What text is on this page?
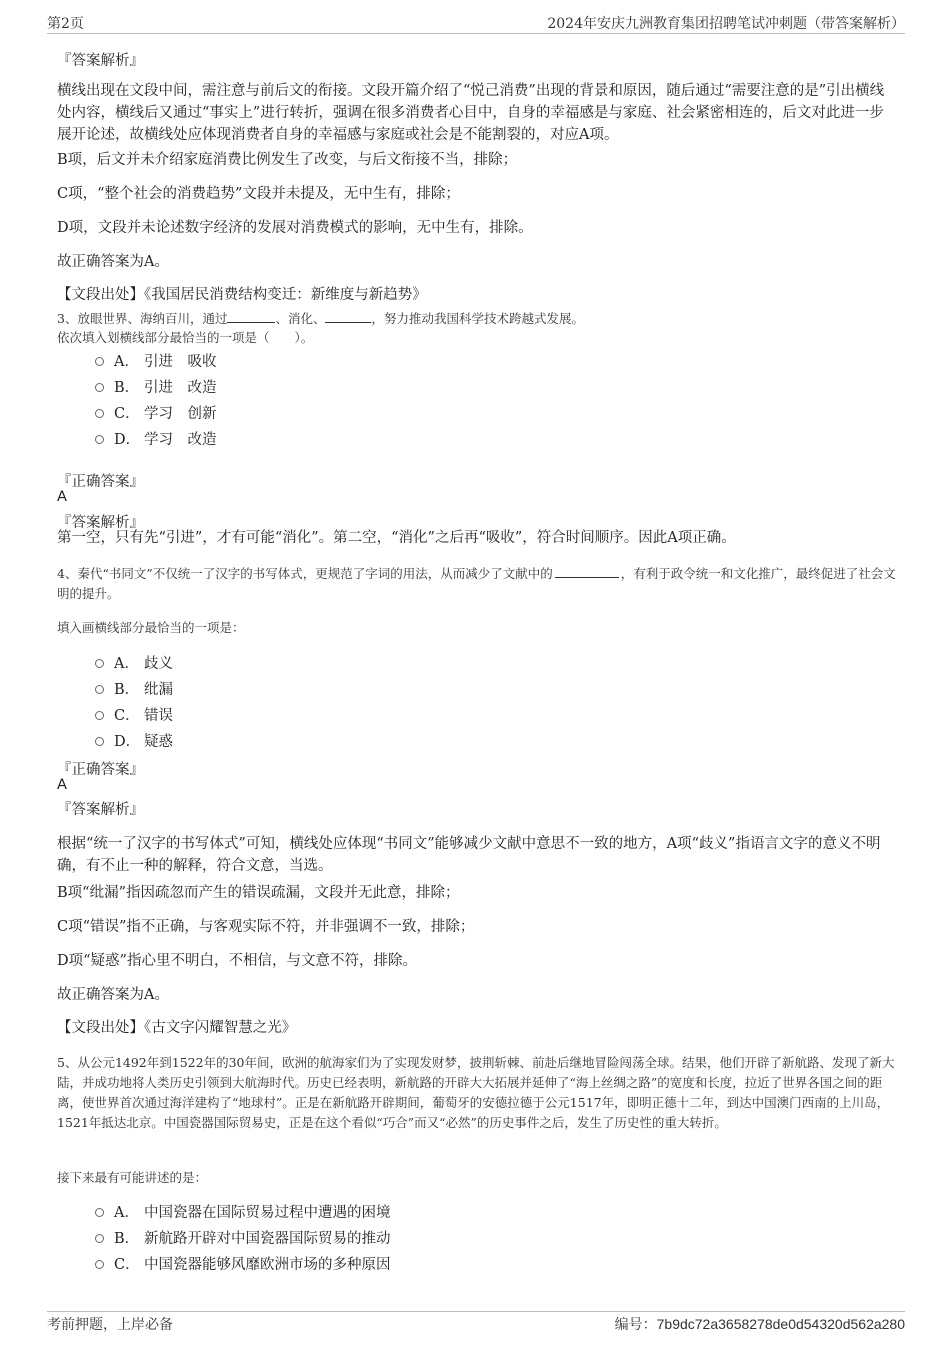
第2页	2024年安庆九洲教育集团招聘笔试冲刺题（带答案解析）
『答案解析』
横线出现在文段中间，需注意与前后文的衔接。文段开篇介绍了“悦己消费”出现的背景和原因，随后通过“需要注意的是”引出横线处内容，横线后又通过“事实上”进行转折，强调在很多消费者心目中，自身的幸福感是与家庭、社会紧密相连的，后文对此进一步展开论述，故横线处应体现消费者自身的幸福感与家庭或社会是不能割裂的，对应A项。
B项，后文并未介绍家庭消费比例发生了改变，与后文衔接不当，排除；
C项，“整个社会的消费趋势”文段并未提及，无中生有，排除；
D项，文段并未论述数字经济的发展对消费模式的影响，无中生有，排除。
故正确答案为A。
【文段出处】《我国居民消费结构变迁：新维度与新趋势》
3、放眼世界、海纳百川，通过	、消化、	，努力推动我国科学技术跨越式发展。
依次填入划横线部分最恰当的一项是（　　）。
A． 引进　吸收
B． 引进　改造
C． 学习　创新
D． 学习　改造
『正确答案』
A
『答案解析』
第一空，只有先“引进”，才有可能“消化”。第二空，“消化”之后再“吸收”，符合时间顺序。因此A项正确。
4、秦代“书同文”不仅统一了汉字的书写体式，更规范了字词的用法，从而减少了文献中的	，有利于政令统一和文化推广，最终促进了社会文明的提升。
填入画横线部分最恰当的一项是：
A． 歧义
B． 纰漏
C． 错误
D． 疑惑
『正确答案』
A
『答案解析』
根据“统一了汉字的书写体式”可知，横线处应体现“书同文”能够减少文献中意思不一致的地方，A项“歧义”指语言文字的意义不明确，有不止一种的解释，符合文意，当选。
B项“纰漏”指因疏忽而产生的错误疏漏，文段并无此意，排除；
C项“错误”指不正确，与客观实际不符，并非强调不一致，排除；
D项“疑惑”指心里不明白，不相信，与文意不符，排除。
故正确答案为A。
【文段出处】《古文字闪耀智慧之光》
5、从公元1492年到1522年的30年间，欧洲的航海家们为了实现发财梦，披荆斩棘、前赴后继地冒险闯荡全球。结果，他们开辟了新航路、发现了新大陆，并成功地将人类历史引领到大航海时代。历史已经表明，新航路的开辟大大拓展并延伸了“海上丝绸之路”的宽度和长度，拉近了世界各国之间的距离，使世界首次通过海洋建构了“地球村”。正是在新航路开辟期间，葡萄牙的安德拉德于公元1517年，即明正德十二年，到达中国澳门西南的上川岛，1521年抵达北京。中国瓷器国际贸易史，正是在这个看似“巧合”而又“必然”的历史事件之后，发生了历史性的重大转折。
接下来最有可能讲述的是：
A． 中国瓷器在国际贸易过程中遭遇的困境
B． 新航路开辟对中国瓷器国际贸易的推动
C． 中国瓷器能够风靡欧洲市场的多种原因
考前押题，上岸必备	编号：7b9dc72a3658278de0d54320d562a280
